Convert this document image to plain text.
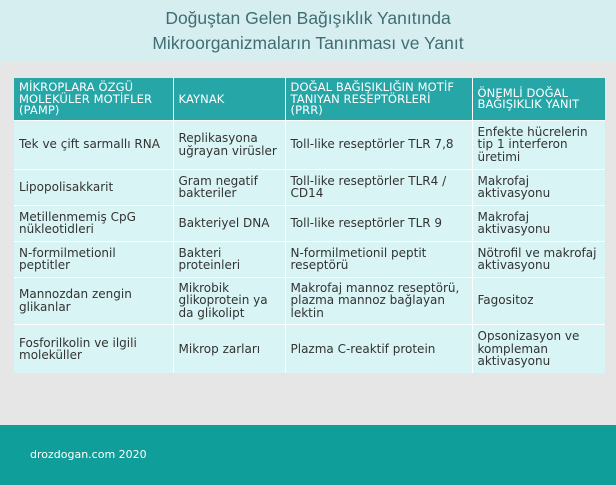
Doğuştan Gelen Bağışıklık Yanıtında
Mikroorganizmaların Tanınması ve Yanıt
MİKROPLARA ÖZGÜ MOLEKÜLER MOTİFLER (PAMP)	KAYNAK	DOĞAL BAĞIŞIKLIĞIN MOTİF TANIYAN RESEPTÖRLERİ (PRR)	ÖNEMLİ DOĞAL BAĞIŞIKLIK YANIT
Tek ve çift sarmallı RNA	Replikasyona uğrayan virüsler	Toll-like reseptörler TLR 7,8	Enfekte hücrelerin tip 1 interferon üretimi
Lipopolisakkarit	Gram negatif bakteriler	Toll-like reseptörler TLR4 / CD14	Makrofaj aktivasyonu
Metillenmemiş CpG nükleotidleri	Bakteriyel DNA	Toll-like reseptörler TLR 9	Makrofaj aktivasyonu
N-formilmetionil peptitler	Bakteri proteinleri	N-formilmetionil peptit reseptörü	Nötrofil ve makrofaj aktivasyonu
Mannozdan zengin glikanlar	Mikrobik glikoprotein ya da glikolipt	Makrofaj mannoz reseptörü, plazma mannoz bağlayan lektin	Fagositoz
Fosforilkolin ve ilgili moleküller	Mikrop zarları	Plazma C-reaktif protein	Opsonizasyon ve kompleman aktivasyonu
drozdogan.com 2020
